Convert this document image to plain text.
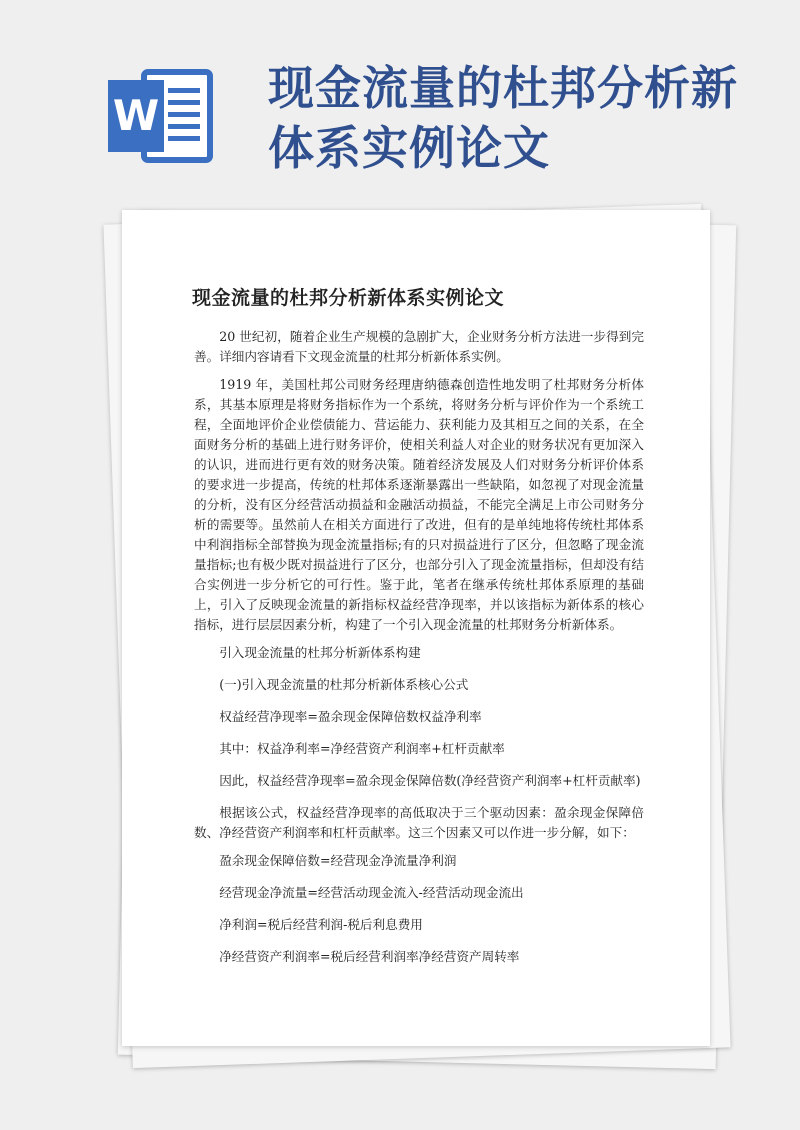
W
现金流量的杜邦分析新
体系实例论文
现金流量的杜邦分析新体系实例论文

20 世纪初，随着企业生产规模的急剧扩大，企业财务分析方法进一步得到完善。详细内容请看下文现金流量的杜邦分析新体系实例。

1919 年，美国杜邦公司财务经理唐纳德森创造性地发明了杜邦财务分析体系，其基本原理是将财务指标作为一个系统，将财务分析与评价作为一个系统工程，全面地评价企业偿债能力、营运能力、获利能力及其相互之间的关系，在全面财务分析的基础上进行财务评价，使相关利益人对企业的财务状况有更加深入的认识，进而进行更有效的财务决策。随着经济发展及人们对财务分析评价体系的要求进一步提高，传统的杜邦体系逐渐暴露出一些缺陷，如忽视了对现金流量的分析，没有区分经营活动损益和金融活动损益，不能完全满足上市公司财务分析的需要等。虽然前人在相关方面进行了改进，但有的是单纯地将传统杜邦体系中利润指标全部替换为现金流量指标;有的只对损益进行了区分，但忽略了现金流量指标;也有极少既对损益进行了区分，也部分引入了现金流量指标，但却没有结合实例进一步分析它的可行性。鉴于此，笔者在继承传统杜邦体系原理的基础上，引入了反映现金流量的新指标权益经营净现率，并以该指标为新体系的核心指标，进行层层因素分析，构建了一个引入现金流量的杜邦财务分析新体系。

引入现金流量的杜邦分析新体系构建

(一)引入现金流量的杜邦分析新体系核心公式

权益经营净现率=盈余现金保障倍数权益净利率

其中：权益净利率=净经营资产利润率+杠杆贡献率

因此，权益经营净现率=盈余现金保障倍数(净经营资产利润率+杠杆贡献率)

根据该公式，权益经营净现率的高低取决于三个驱动因素：盈余现金保障倍数、净经营资产利润率和杠杆贡献率。这三个因素又可以作进一步分解，如下：

盈余现金保障倍数=经营现金净流量净利润

经营现金净流量=经营活动现金流入-经营活动现金流出

净利润=税后经营利润-税后利息费用

净经营资产利润率=税后经营利润率净经营资产周转率
